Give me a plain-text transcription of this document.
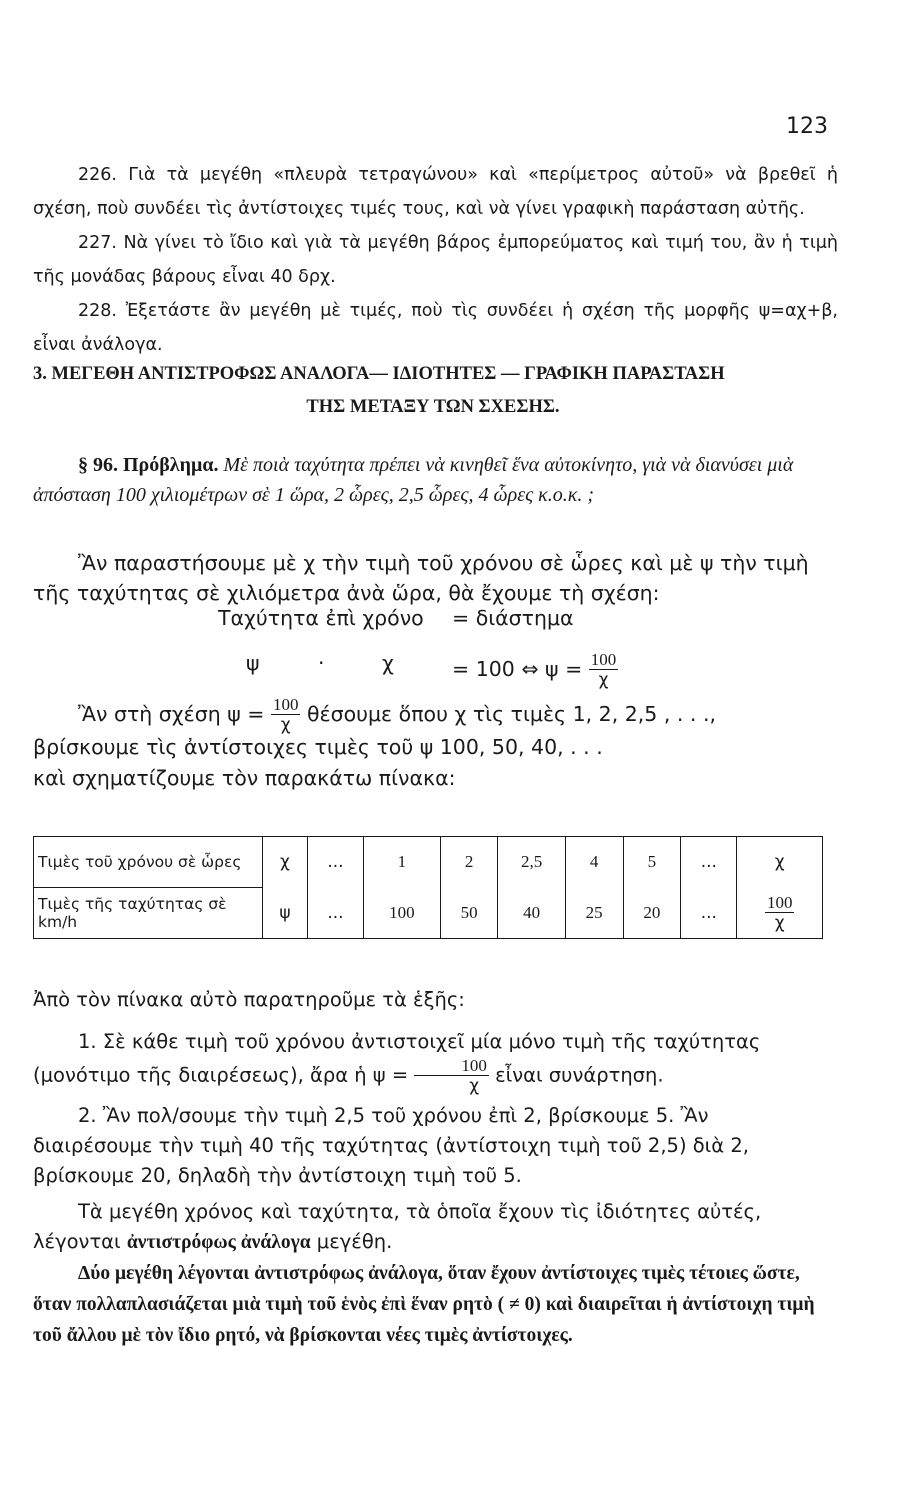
123

226. Γιὰ τὰ μεγέθη «πλευρὰ τετραγώνου» καὶ «περίμετρος αὐτοῦ» νὰ βρεθεῖ ἡ σχέση, ποὺ συνδέει τὶς ἀντίστοιχες τιμές τους, καὶ νὰ γίνει γραφικὴ παράσταση αὐτῆς.

227. Νὰ γίνει τὸ ἴδιο καὶ γιὰ τὰ μεγέθη βάρος ἐμπορεύματος καὶ τιμή του, ἂν ἡ τιμὴ τῆς μονάδας βάρους εἶναι 40 δρχ.

228. Ἐξετάστε ἂν μεγέθη μὲ τιμές, ποὺ τὶς συνδέει ἡ σχέση τῆς μορφῆς ψ=αχ+β, εἶναι ἀνάλογα.

3. ΜΕΓΕΘΗ ΑΝΤΙΣΤΡΟΦΩΣ ΑΝΑΛΟΓΑ— ΙΔΙΟΤΗΤΕΣ — ΓΡΑΦΙΚΗ ΠΑΡΑΣΤΑΣΗ
ΤΗΣ ΜΕΤΑΞΥ ΤΩΝ ΣΧΕΣΗΣ.
§ 96. Πρόβλημα. Μὲ ποιὰ ταχύτητα πρέπει νὰ κινηθεῖ ἕνα αὐτοκίνητο, γιὰ νὰ διανύσει μιὰ ἀπόσταση 100 χιλιομέτρων σὲ 1 ὥρα, 2 ὧρες, 2,5 ὧρες, 4 ὧρες κ.ο.κ. ;

Ἂν παραστήσουμε μὲ χ τὴν τιμὴ τοῦ χρόνου σὲ ὧρες καὶ μὲ ψ τὴν τιμὴ τῆς ταχύτητας σὲ χιλιόμετρα ἀνὰ ὥρα, θὰ ἔχουμε τὴ σχέση:

Ταχύτητα ἐπὶ χρόνο = διάστημα
ψ	·	χ	= 100 ⇔ $\psi = \frac{100}{\chi}$
Ἂν στὴ σχέση $\psi = \frac{100}{\chi}$ θέσουμε ὅπου χ τὶς τιμὲς 1, 2, 2,5 , . . .,
βρίσκουμε τὶς ἀντίστοιχες τιμὲς τοῦ ψ 100, 50, 40, . . .
καὶ σχηματίζουμε τὸν παρακάτω πίνακα:
Τιμὲς τοῦ χρόνου σὲ ὧρες	χ	...	1	2	2,5	4	5	...	χ
Τιμὲς τῆς ταχύτητας σὲ km/h	ψ	...	100	50	40	25	20	...	$\frac{100}{\chi}$

Ἀπὸ τὸν πίνακα αὐτὸ παρατηροῦμε τὰ ἑξῆς:

1. Σὲ κάθε τιμὴ τοῦ χρόνου ἀντιστοιχεῖ μία μόνο τιμὴ τῆς ταχύτητας (μονότιμο τῆς διαιρέσεως), ἄρα ἡ $\psi = \frac{100}{\chi}$ εἶναι συνάρτηση.

2. Ἂν πολ/σουμε τὴν τιμὴ 2,5 τοῦ χρόνου ἐπὶ 2, βρίσκουμε 5. Ἂν διαιρέσουμε τὴν τιμὴ 40 τῆς ταχύτητας (ἀντίστοιχη τιμὴ τοῦ 2,5) διὰ 2, βρίσκουμε 20, δηλαδὴ τὴν ἀντίστοιχη τιμὴ τοῦ 5.

Τὰ μεγέθη χρόνος καὶ ταχύτητα, τὰ ὁποῖα ἔχουν τὶς ἰδιότητες αὐτές, λέγονται ἀντιστρόφως ἀνάλογα μεγέθη.

Δύο μεγέθη λέγονται ἀντιστρόφως ἀνάλογα, ὅταν ἔχουν ἀντίστοιχες τιμὲς τέτοιες ὥστε, ὅταν πολλαπλασιάζεται μιὰ τιμὴ τοῦ ἑνὸς ἐπὶ ἕναν ρητὸ ( ≠ 0) καὶ διαιρεῖται ἡ ἀντίστοιχη τιμὴ τοῦ ἄλλου μὲ τὸν ἴδιο ρητό, νὰ βρίσκονται νέες τιμὲς ἀντίστοιχες.
